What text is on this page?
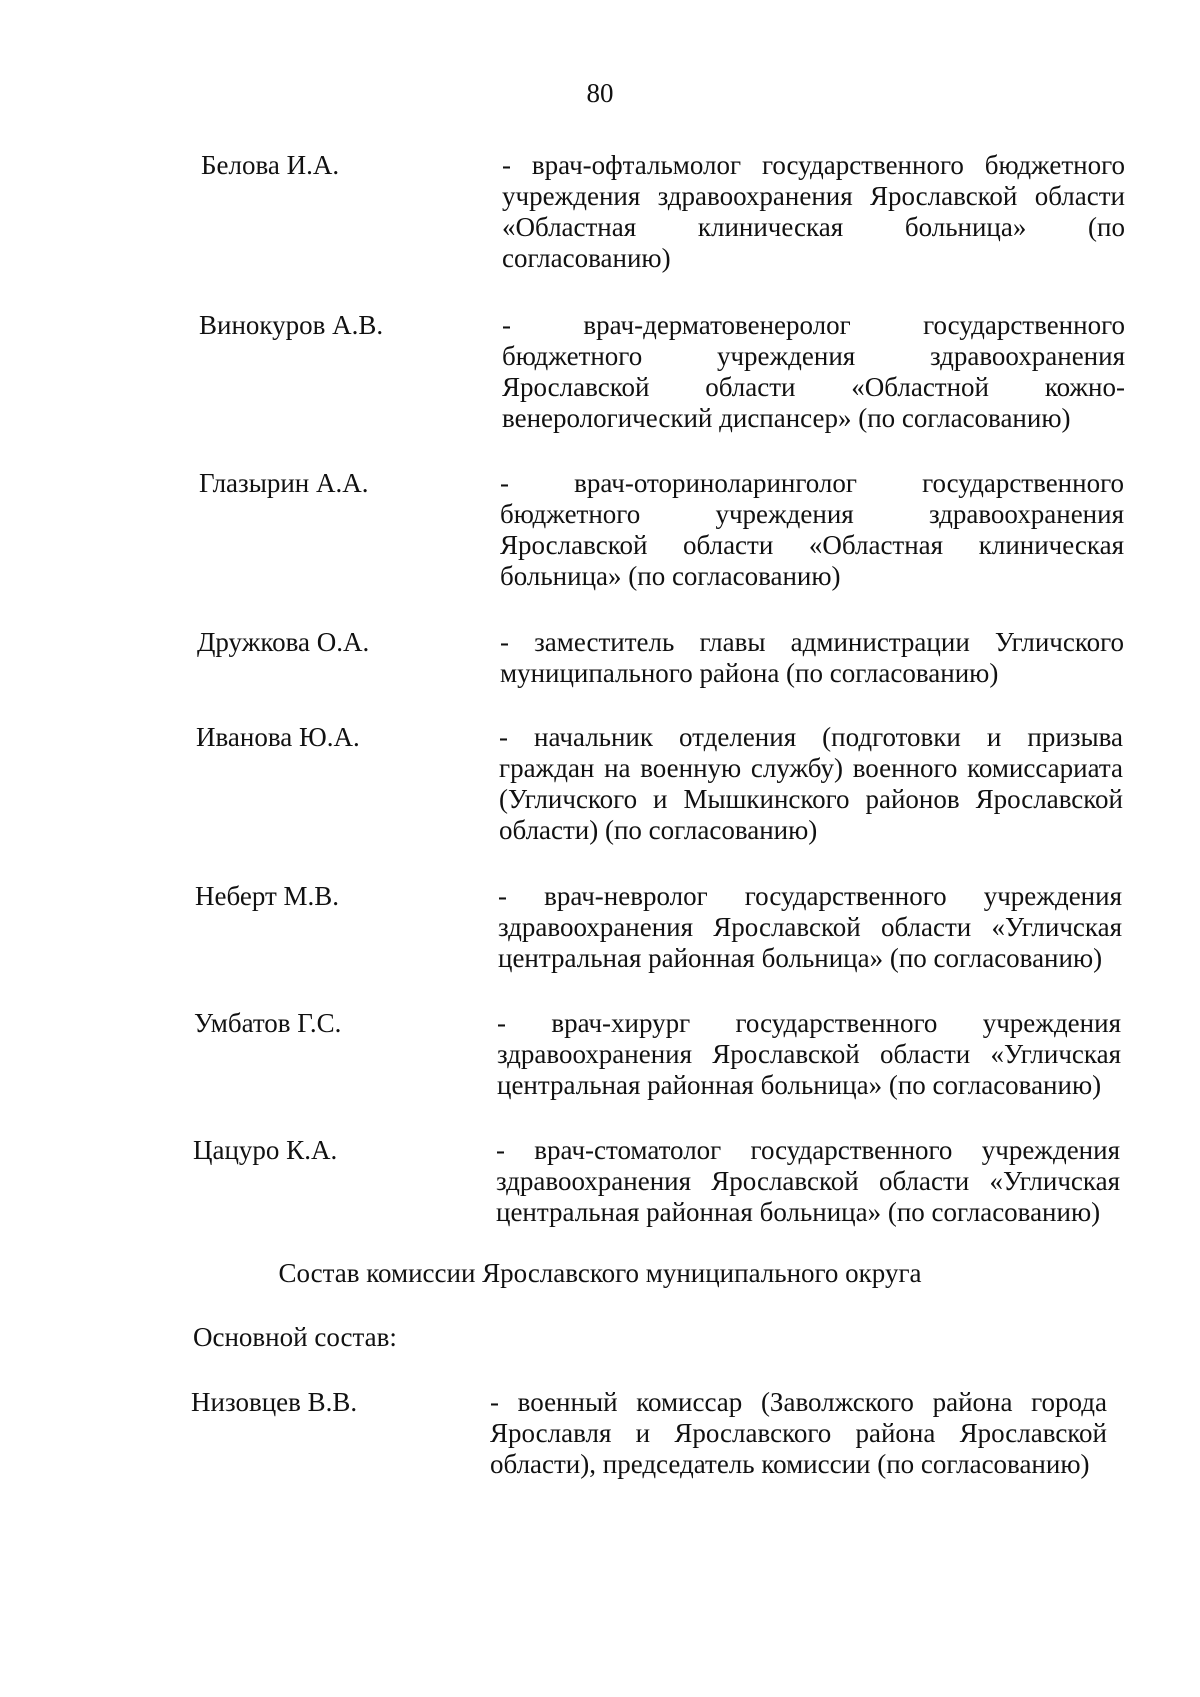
80
Белова И.А.	- врач-офтальмолог государственного бюджетного учреждения здравоохранения Ярославской области «Областная клиническая больница» (по согласованию)
Винокуров А.В.	- врач-дерматовенеролог государственного бюджетного учреждения здравоохранения Ярославской области «Областной кожно-венерологический диспансер» (по согласованию)
Глазырин А.А.	- врач-оториноларинголог государственного бюджетного учреждения здравоохранения Ярославской области «Областная клиническая больница» (по согласованию)
Дружкова О.А.	- заместитель главы администрации Угличского муниципального района (по согласованию)
Иванова Ю.А.	- начальник отделения (подготовки и призыва граждан на военную службу) военного комиссариата (Угличского и Мышкинского районов Ярославской области) (по согласованию)
Неберт М.В.	- врач-невролог государственного учреждения здравоохранения Ярославской области «Угличская центральная районная больница» (по согласованию)
Умбатов Г.С.	- врач-хирург государственного учреждения здравоохранения Ярославской области «Угличская центральная районная больница» (по согласованию)
Цацуро К.А.	- врач-стоматолог государственного учреждения здравоохранения Ярославской области «Угличская центральная районная больница» (по согласованию)
Состав комиссии Ярославского муниципального округа
Основной состав:
Низовцев В.В.	- военный комиссар (Заволжского района города Ярославля и Ярославского района Ярославской области), председатель комиссии (по согласованию)
